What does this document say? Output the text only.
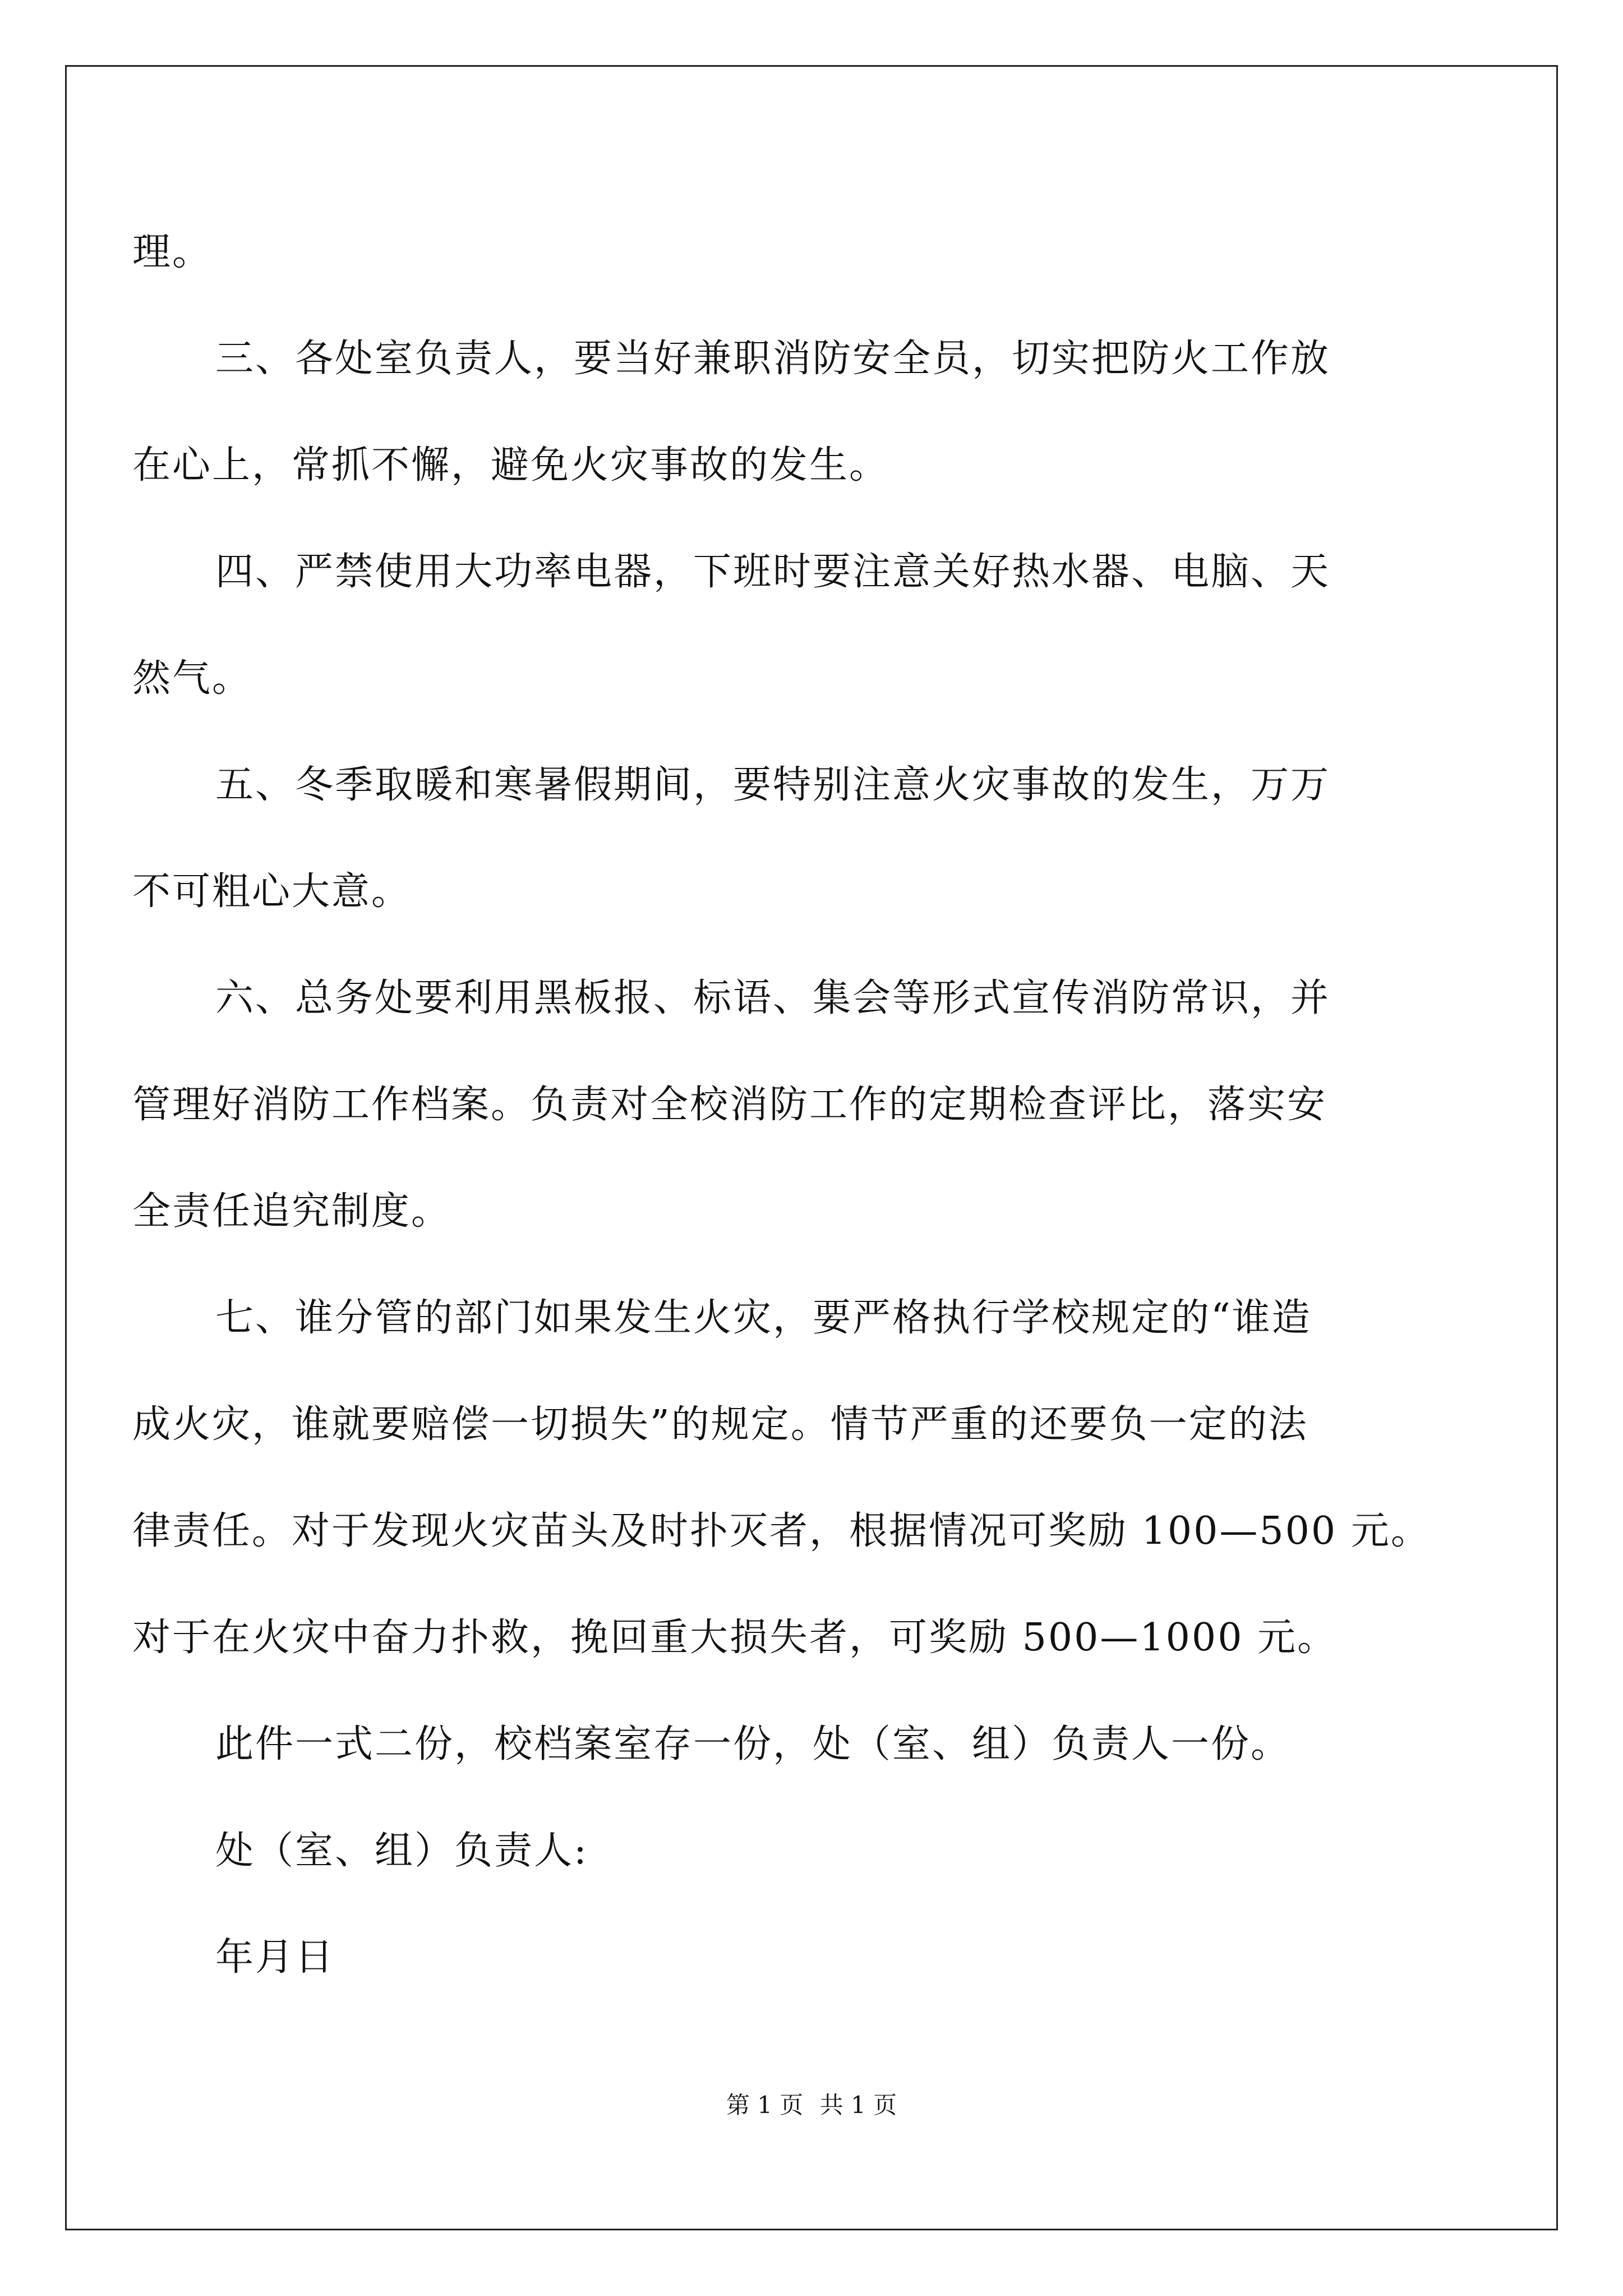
理。
三、各处室负责人，要当好兼职消防安全员，切实把防火工作放
在心上，常抓不懈，避免火灾事故的发生。
四、严禁使用大功率电器，下班时要注意关好热水器、电脑、天
然气。
五、冬季取暖和寒暑假期间，要特别注意火灾事故的发生，万万
不可粗心大意。
六、总务处要利用黑板报、标语、集会等形式宣传消防常识，并
管理好消防工作档案。负责对全校消防工作的定期检查评比，落实安
全责任追究制度。
七、谁分管的部门如果发生火灾，要严格执行学校规定的“谁造
成火灾，谁就要赔偿一切损失”的规定。情节严重的还要负一定的法
律责任。对于发现火灾苗头及时扑灭者，根据情况可奖励 100—500 元。
对于在火灾中奋力扑救，挽回重大损失者，可奖励 500—1000 元。
此件一式二份，校档案室存一份，处（室、组）负责人一份。
处（室、组）负责人:
年月日
第 1 页 共 1 页
